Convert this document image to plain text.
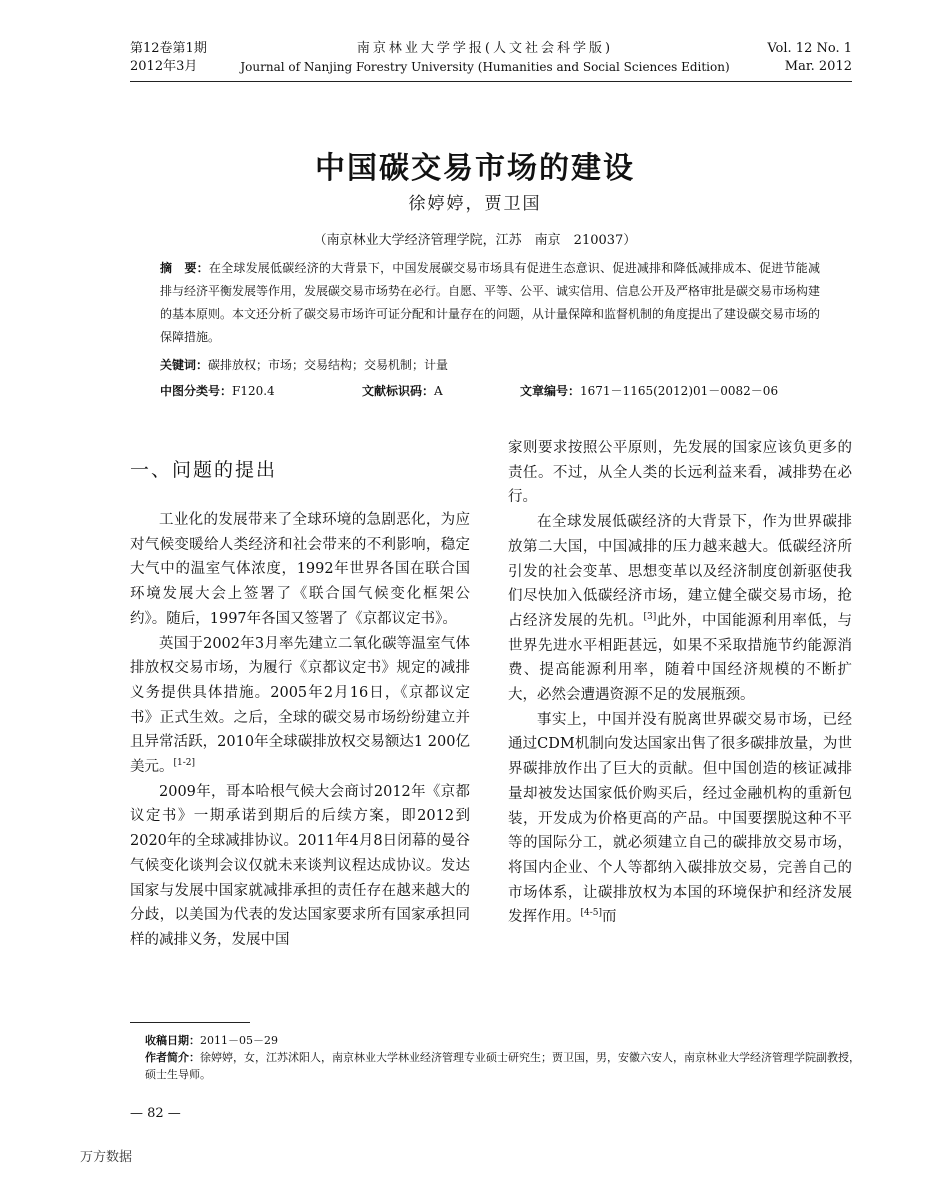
第12卷第1期
2012年3月
南京林业大学学报(人文社会科学版)
Journal of Nanjing Forestry University (Humanities and Social Sciences Edition)
Vol. 12 No. 1
Mar. 2012
中国碳交易市场的建设
徐婷婷，贾卫国
（南京林业大学经济管理学院，江苏　南京　210037）
摘　要：在全球发展低碳经济的大背景下，中国发展碳交易市场具有促进生态意识、促进减排和降低减排成本、促进节能减排与经济平衡发展等作用，发展碳交易市场势在必行。自愿、平等、公平、诚实信用、信息公开及严格审批是碳交易市场构建的基本原则。本文还分析了碳交易市场许可证分配和计量存在的问题，从计量保障和监督机制的角度提出了建设碳交易市场的保障措施。
关键词：碳排放权；市场；交易结构；交易机制；计量
中图分类号：F120.4	文献标识码：A	文章编号：1671－1165(2012)01－0082－06
一、问题的提出

工业化的发展带来了全球环境的急剧恶化，为应对气候变暖给人类经济和社会带来的不利影响，稳定大气中的温室气体浓度，1992年世界各国在联合国环境发展大会上签署了《联合国气候变化框架公约》。随后，1997年各国又签署了《京都议定书》。

英国于2002年3月率先建立二氧化碳等温室气体排放权交易市场，为履行《京都议定书》规定的减排义务提供具体措施。2005年2月16日，《京都议定书》正式生效。之后，全球的碳交易市场纷纷建立并且异常活跃，2010年全球碳排放权交易额达1 200亿美元。[1-2]

2009年，哥本哈根气候大会商讨2012年《京都议定书》一期承诺到期后的后续方案，即2012到2020年的全球减排协议。2011年4月8日闭幕的曼谷气候变化谈判会议仅就未来谈判议程达成协议。发达国家与发展中国家就减排承担的责任存在越来越大的分歧，以美国为代表的发达国家要求所有国家承担同样的减排义务，发展中国

家则要求按照公平原则，先发展的国家应该负更多的责任。不过，从全人类的长远利益来看，减排势在必行。

在全球发展低碳经济的大背景下，作为世界碳排放第二大国，中国减排的压力越来越大。低碳经济所引发的社会变革、思想变革以及经济制度创新驱使我们尽快加入低碳经济市场，建立健全碳交易市场，抢占经济发展的先机。[3]此外，中国能源利用率低，与世界先进水平相距甚远，如果不采取措施节约能源消费、提高能源利用率，随着中国经济规模的不断扩大，必然会遭遇资源不足的发展瓶颈。

事实上，中国并没有脱离世界碳交易市场，已经通过CDM机制向发达国家出售了很多碳排放量，为世界碳排放作出了巨大的贡献。但中国创造的核证减排量却被发达国家低价购买后，经过金融机构的重新包装，开发成为价格更高的产品。中国要摆脱这种不平等的国际分工，就必须建立自己的碳排放交易市场，将国内企业、个人等都纳入碳排放交易，完善自己的市场体系，让碳排放权为本国的环境保护和经济发展发挥作用。[4-5]而

收稿日期：2011－05－29
作者简介：徐婷婷，女，江苏沭阳人，南京林业大学林业经济管理专业硕士研究生；贾卫国，男，安徽六安人，南京林业大学经济管理学院副教授，硕士生导师。
— 82 —
万方数据
